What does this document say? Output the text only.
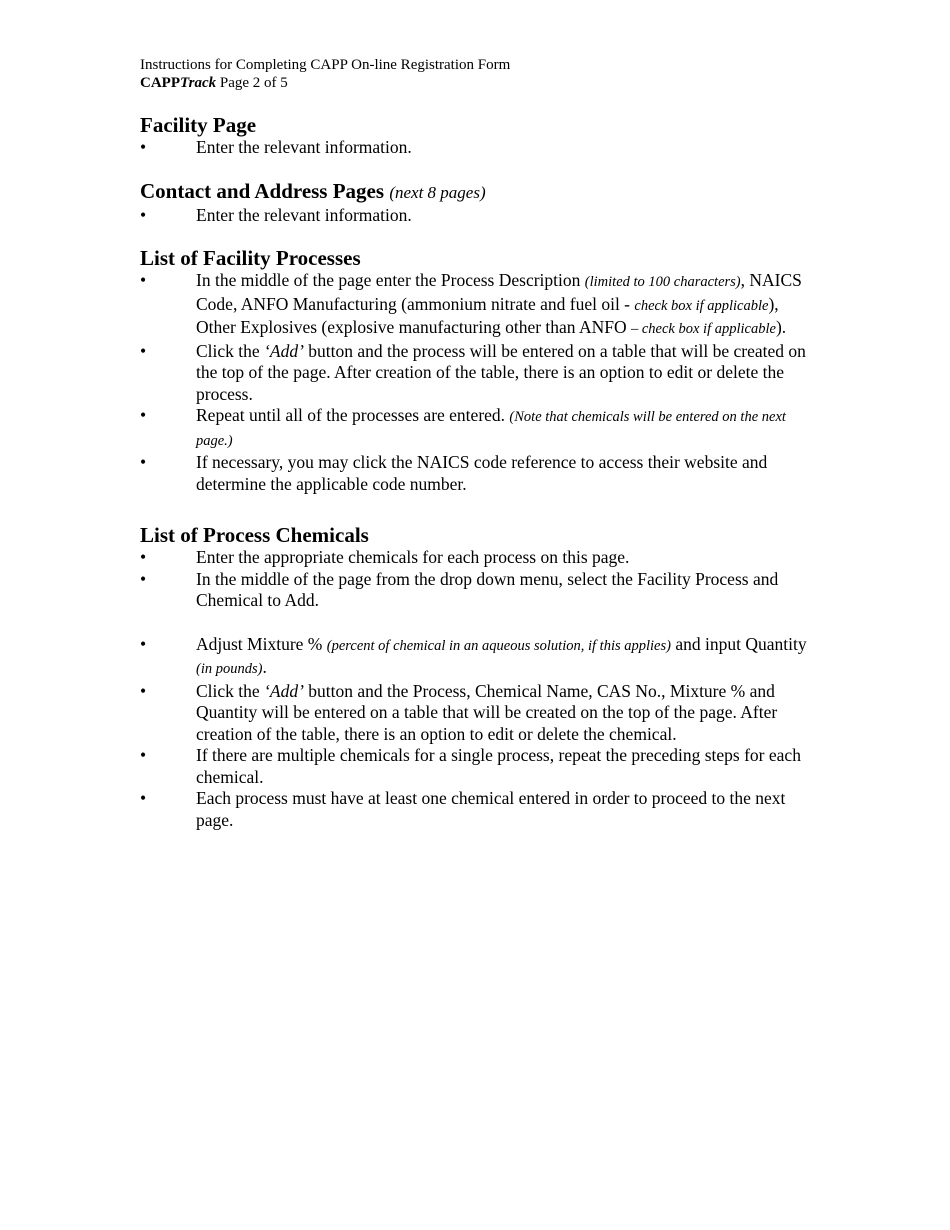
Instructions for Completing CAPP On-line Registration Form
CAPPTrack Page 2 of 5
Facility Page
•	Enter the relevant information.
Contact and Address Pages (next 8 pages)
•	Enter the relevant information.
List of Facility Processes
•	In the middle of the page enter the Process Description (limited to 100 characters), NAICS Code, ANFO Manufacturing (ammonium nitrate and fuel oil - check box if applicable), Other Explosives (explosive manufacturing other than ANFO – check box if applicable).
•	Click the ‘Add’ button and the process will be entered on a table that will be created on the top of the page. After creation of the table, there is an option to edit or delete the process.
•	Repeat until all of the processes are entered. (Note that chemicals will be entered on the next page.)
•	If necessary, you may click the NAICS code reference to access their website and determine the applicable code number.
List of Process Chemicals
•	Enter the appropriate chemicals for each process on this page.
•	In the middle of the page from the drop down menu, select the Facility Process and Chemical to Add.
•	Adjust Mixture % (percent of chemical in an aqueous solution, if this applies) and input Quantity (in pounds).
•	Click the ‘Add’ button and the Process, Chemical Name, CAS No., Mixture % and Quantity will be entered on a table that will be created on the top of the page. After creation of the table, there is an option to edit or delete the chemical.
•	If there are multiple chemicals for a single process, repeat the preceding steps for each chemical.
•	Each process must have at least one chemical entered in order to proceed to the next page.
